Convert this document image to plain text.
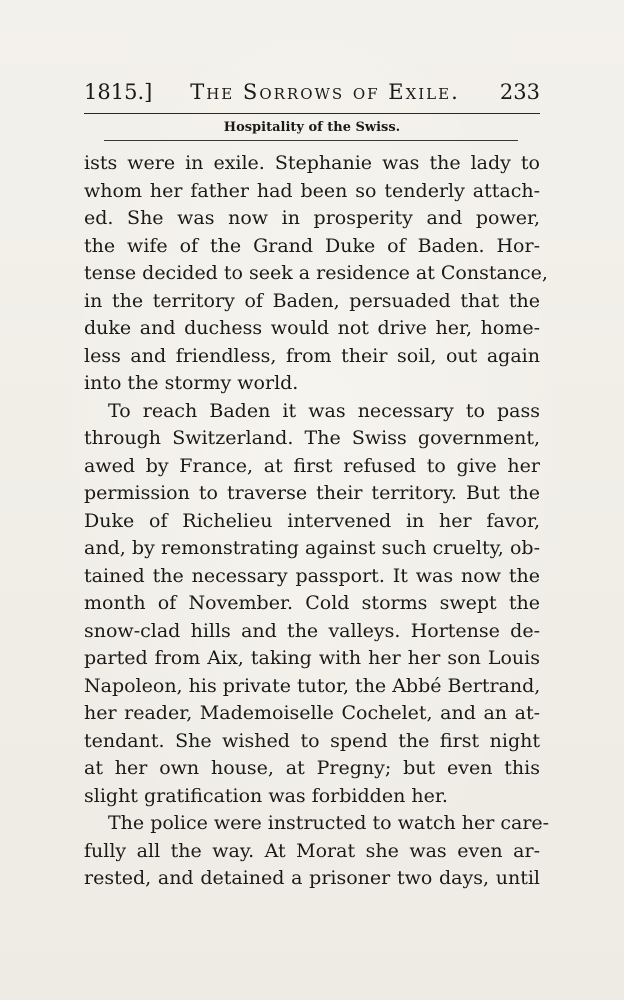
1815.]	The Sorrows of Exile.	233
Hospitality of the Swiss.
ists were in exile. Stephanie was the lady to
whom her father had been so tenderly attach-
ed. She was now in prosperity and power,
the wife of the Grand Duke of Baden. Hor-
tense decided to seek a residence at Constance,
in the territory of Baden, persuaded that the
duke and duchess would not drive her, home-
less and friendless, from their soil, out again
into the stormy world.
To reach Baden it was necessary to pass
through Switzerland. The Swiss government,
awed by France, at first refused to give her
permission to traverse their territory. But the
Duke of Richelieu intervened in her favor,
and, by remonstrating against such cruelty, ob-
tained the necessary passport. It was now the
month of November. Cold storms swept the
snow-clad hills and the valleys. Hortense de-
parted from Aix, taking with her her son Louis
Napoleon, his private tutor, the Abbé Bertrand,
her reader, Mademoiselle Cochelet, and an at-
tendant. She wished to spend the first night
at her own house, at Pregny; but even this
slight gratification was forbidden her.
The police were instructed to watch her care-
fully all the way. At Morat she was even ar-
rested, and detained a prisoner two days, until
